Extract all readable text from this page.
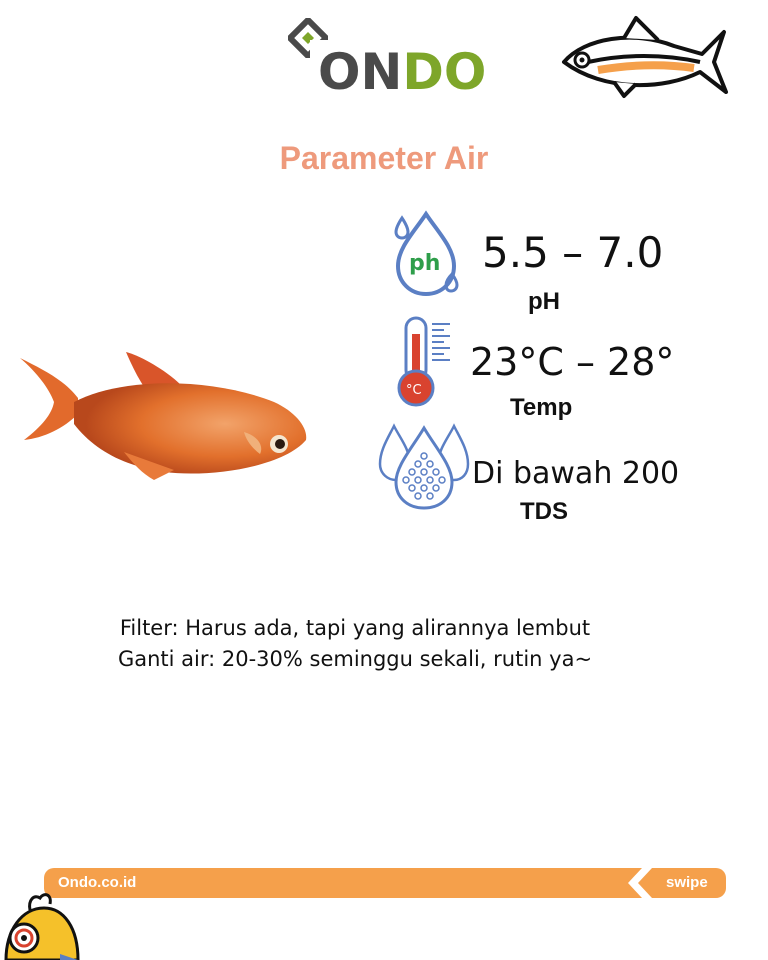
ONDO
Parameter Air
ph 5.5 – 7.0
pH
°C
23°C – 28°
Temp
Di bawah 200
TDS
Filter: Harus ada, tapi yang alirannya lembut
Ganti air: 20-30% seminggu sekali, rutin ya~
Ondo.co.id	swipe
